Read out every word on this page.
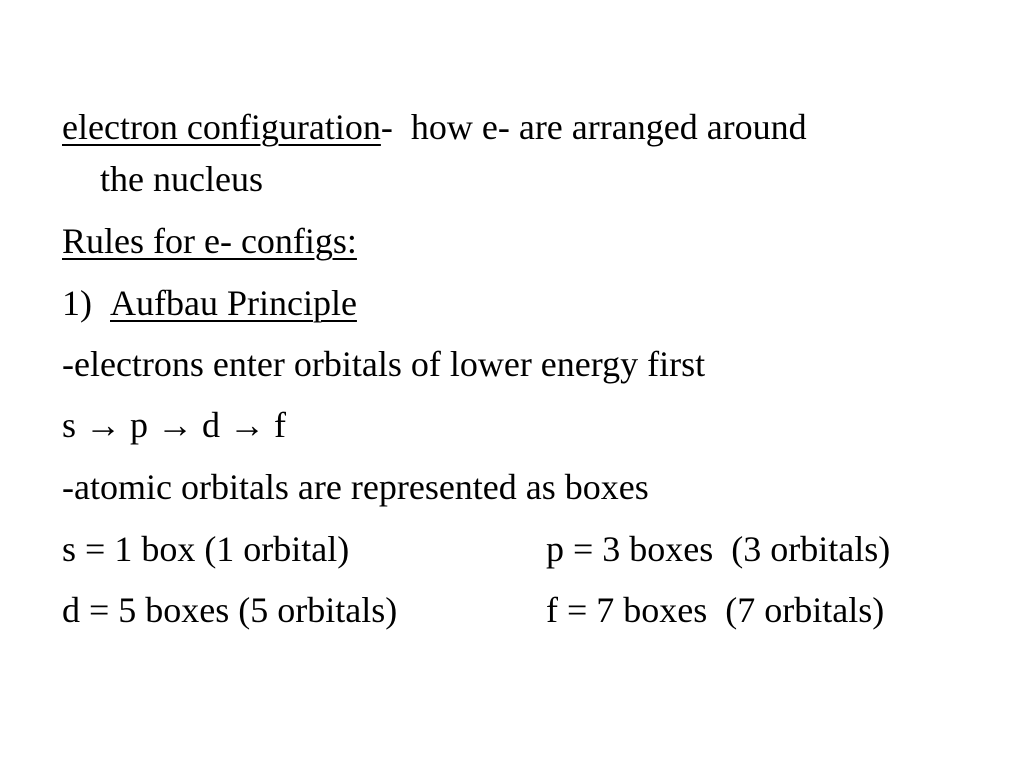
electron configuration- how e- are arranged around
the nucleus
Rules for e- configs:
1) Aufbau Principle
-electrons enter orbitals of lower energy first
s → p → d → f
-atomic orbitals are represented as boxes
s = 1 box (1 orbital)	p = 3 boxes  (3 orbitals)
d = 5 boxes (5 orbitals)	f = 7 boxes  (7 orbitals)
